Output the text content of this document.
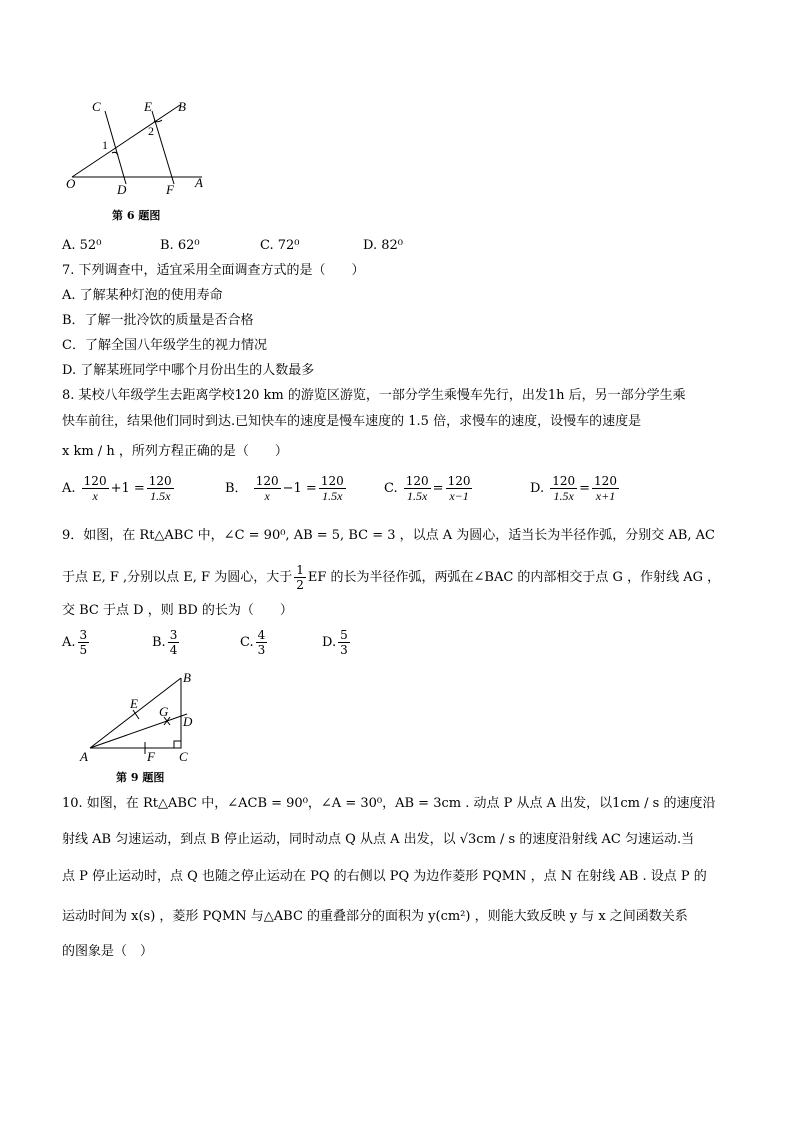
C	E B
1
2
O	D	F A
第 6 题图
A. 52⁰	B. 62⁰	C. 72⁰	D. 82⁰
7. 下列调查中，适宜采用全面调查方式的是（　　）
A. 了解某种灯泡的使用寿命
B．了解一批冷饮的质量是否合格
C．了解全国八年级学生的视力情况
D. 了解某班同学中哪个月份出生的人数最多
8. 某校八年级学生去距离学校120 km 的游览区游览，一部分学生乘慢车先行，出发1h 后，另一部分学生乘
快车前往，结果他们同时到达.已知快车的速度是慢车速度的 1.5 倍，求慢车的速度，设慢车的速度是
x km / h ，所列方程正确的是（　　）
A. $\frac{120}{x} +1 = \frac{120}{1.5x}$	B． $\frac{120}{x} -1 = \frac{120}{1.5x}$	C. $\frac{120}{1.5x} = \frac{120}{x-1}$	D. $\frac{120}{1.5x} = \frac{120}{x+1}$
9．如图，在 Rt△ABC 中，∠C = 90⁰, AB = 5, BC = 3 ，以点 A 为圆心，适当长为半径作弧，分别交 AB, AC
于点 E, F ,分别以点 E, F 为圆心，大于 $\frac{1}{2}$ EF 的长为半径作弧，两弧在∠BAC 的内部相交于点 G ，作射线 AG ，
交 BC 于点 D ，则 BD 的长为（　　）
A. $\frac{3}{5}$	B. $\frac{3}{4}$	C. $\frac{4}{3}$	D. $\frac{5}{3}$
B
E
G
D
A	F C
第 9 题图
10. 如图，在 Rt△ABC 中，∠ACB = 90⁰，∠A = 30⁰，AB = 3cm . 动点 P 从点 A 出发，以1cm / s 的速度沿
射线 AB 匀速运动，到点 B 停止运动，同时动点 Q 从点 A 出发，以 √3cm / s 的速度沿射线 AC 匀速运动.当
点 P 停止运动时，点 Q 也随之停止运动在 PQ 的右侧以 PQ 为边作菱形 PQMN ，点 N 在射线 AB . 设点 P 的
运动时间为 x(s) ，菱形 PQMN 与△ABC 的重叠部分的面积为 y(cm²) ，则能大致反映 y 与 x 之间函数关系
的图象是（　）
